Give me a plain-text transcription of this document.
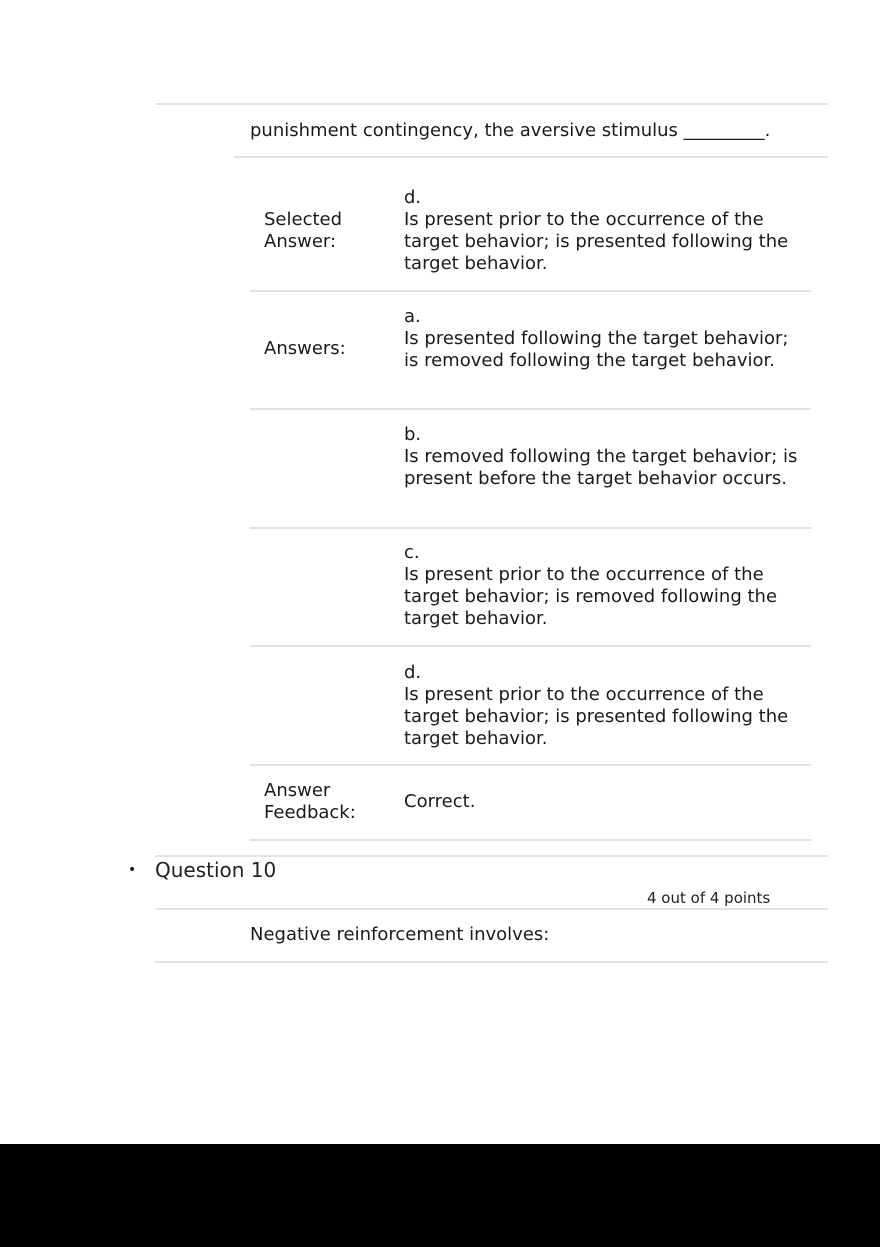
punishment contingency, the aversive stimulus _________.
Selected Answer:
d.
Is present prior to the occurrence of the target behavior; is presented following the target behavior.
Answers:
a.
Is presented following the target behavior; is removed following the target behavior.
b.
Is removed following the target behavior; is present before the target behavior occurs.
c.
Is present prior to the occurrence of the target behavior; is removed following the target behavior.
d.
Is present prior to the occurrence of the target behavior; is presented following the target behavior.
Answer Feedback:
Correct.
• Question 10
4 out of 4 points
Negative reinforcement involves:
